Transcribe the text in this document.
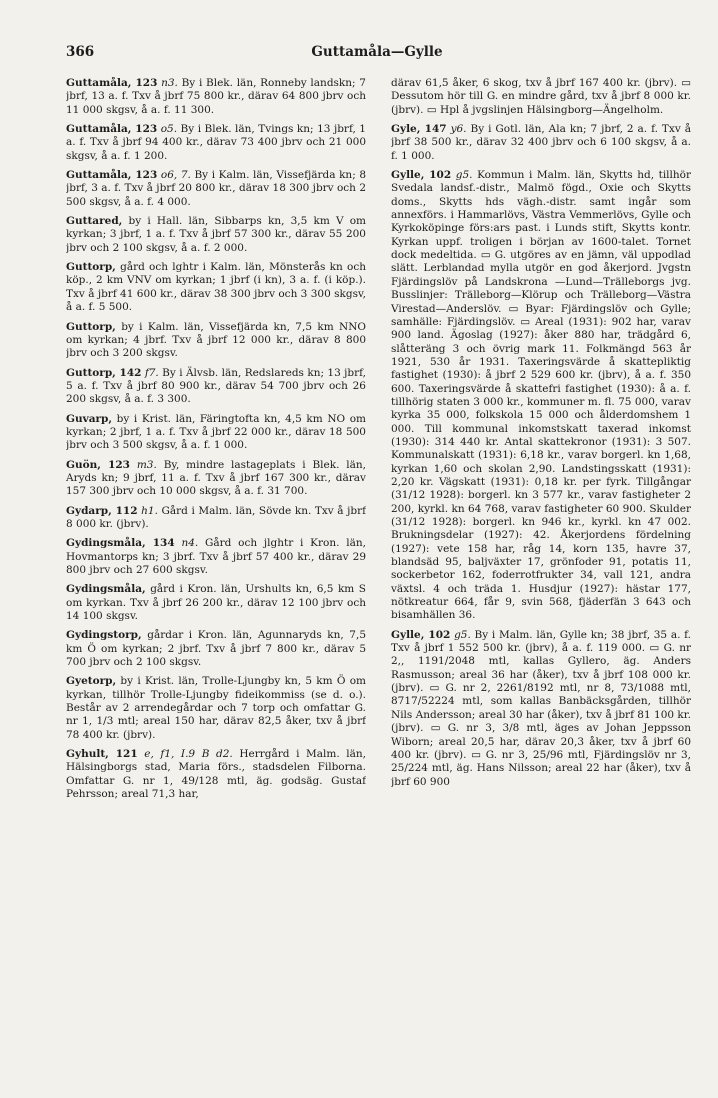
366	Guttamåla—Gylle

Guttamåla, 123 n3. By i Blek. län, Ronneby landskn; 7 jbrf, 13 a. f. Txv å jbrf 75 800 kr., därav 64 800 jbrv och 11 000 skgsv, å a. f. 11 300.

Guttamåla, 123 o5. By i Blek. län, Tvings kn; 13 jbrf, 1 a. f. Txv å jbrf 94 400 kr., därav 73 400 jbrv och 21 000 skgsv, å a. f. 1 200.

Guttamåla, 123 o6, 7. By i Kalm. län, Vissefjärda kn; 8 jbrf, 3 a. f. Txv å jbrf 20 800 kr., därav 18 300 jbrv och 2 500 skgsv, å a. f. 4 000.

Guttared, by i Hall. län, Sibbarps kn, 3,5 km V om kyrkan; 3 jbrf, 1 a. f. Txv å jbrf 57 300 kr., därav 55 200 jbrv och 2 100 skgsv, å a. f. 2 000.

Guttorp, gård och lghtr i Kalm. län, Mönsterås kn och köp., 2 km VNV om kyrkan; 1 jbrf (i kn), 3 a. f. (i köp.). Txv å jbrf 41 600 kr., därav 38 300 jbrv och 3 300 skgsv, å a. f. 5 500.

Guttorp, by i Kalm. län, Vissefjärda kn, 7,5 km NNO om kyrkan; 4 jbrf. Txv å jbrf 12 000 kr., därav 8 800 jbrv och 3 200 skgsv.

Guttorp, 142 f7. By i Älvsb. län, Redslareds kn; 13 jbrf, 5 a. f. Txv å jbrf 80 900 kr., därav 54 700 jbrv och 26 200 skgsv, å a. f. 3 300.

Guvarp, by i Krist. län, Färingtofta kn, 4,5 km NO om kyrkan; 2 jbrf, 1 a. f. Txv å jbrf 22 000 kr., därav 18 500 jbrv och 3 500 skgsv, å a. f. 1 000.

Guön, 123 m3. By, mindre lastageplats i Blek. län, Aryds kn; 9 jbrf, 11 a. f. Txv å jbrf 167 300 kr., därav 157 300 jbrv och 10 000 skgsv, å a. f. 31 700.

Gydarp, 112 h1. Gård i Malm. län, Sövde kn. Txv å jbrf 8 000 kr. (jbrv).

Gydingsmåla, 134 n4. Gård och jlghtr i Kron. län, Hovmantorps kn; 3 jbrf. Txv å jbrf 57 400 kr., därav 29 800 jbrv och 27 600 skgsv.

Gydingsmåla, gård i Kron. län, Urshults kn, 6,5 km S om kyrkan. Txv å jbrf 26 200 kr., därav 12 100 jbrv och 14 100 skgsv.

Gydingstorp, gårdar i Kron. län, Agunnaryds kn, 7,5 km Ö om kyrkan; 2 jbrf. Txv å jbrf 7 800 kr., därav 5 700 jbrv och 2 100 skgsv.

Gyetorp, by i Krist. län, Trolle-Ljungby kn, 5 km Ö om kyrkan, tillhör Trolle-Ljungby fideikommiss (se d. o.). Består av 2 arrendegårdar och 7 torp och omfattar G. nr 1, 1/3 mtl; areal 150 har, därav 82,5 åker, txv å jbrf 78 400 kr. (jbrv).

Gyhult, 121 e, f1, I.9 B d2. Herrgård i Malm. län, Hälsingborgs stad, Maria förs., stadsdelen Filborna. Omfattar G. nr 1, 49/128 mtl, äg. godsäg. Gustaf Pehrsson; areal 71,3 har,

därav 61,5 åker, 6 skog, txv å jbrf 167 400 kr. (jbrv). ▭ Dessutom hör till G. en mindre gård, txv å jbrf 8 000 kr. (jbrv). ▭ Hpl å jvgslinjen Hälsingborg—Ängelholm.

Gyle, 147 y6. By i Gotl. län, Ala kn; 7 jbrf, 2 a. f. Txv å jbrf 38 500 kr., därav 32 400 jbrv och 6 100 skgsv, å a. f. 1 000.

Gylle, 102 g5. Kommun i Malm. län, Skytts hd, tillhör Svedala landsf.-distr., Malmö fögd., Oxie och Skytts doms., Skytts hds vägh.-distr. samt ingår som annexförs. i Hammarlövs, Västra Vemmerlövs, Gylle och Kyrkoköpinge förs:ars past. i Lunds stift, Skytts kontr. Kyrkan uppf. troligen i början av 1600-talet. Tornet dock medeltida. ▭ G. utgöres av en jämn, väl uppodlad slätt. Lerblandad mylla utgör en god åkerjord. Jvgstn Fjärdingslöv på Landskrona —Lund—Trälleborgs jvg. Busslinjer: Trälleborg—Klörup och Trälleborg—Västra Virestad—Anderslöv. ▭ Byar: Fjärdingslöv och Gylle; samhälle: Fjärdingslöv. ▭ Areal (1931): 902 har, varav 900 land. Ägoslag (1927): åker 880 har, trädgård 6, slåtteräng 3 och övrig mark 11. Folkmängd 563 år 1921, 530 år 1931. Taxeringsvärde å skattepliktig fastighet (1930): å jbrf 2 529 600 kr. (jbrv), å a. f. 350 600. Taxeringsvärde å skattefri fastighet (1930): å a. f. tillhörig staten 3 000 kr., kommuner m. fl. 75 000, varav kyrka 35 000, folkskola 15 000 och ålderdomshem 1 000. Till kommunal inkomstskatt taxerad inkomst (1930): 314 440 kr. Antal skattekronor (1931): 3 507. Kommunalskatt (1931): 6,18 kr., varav borgerl. kn 1,68, kyrkan 1,60 och skolan 2,90. Landstingsskatt (1931): 2,20 kr. Vägskatt (1931): 0,18 kr. per fyrk. Tillgångar (31/12 1928): borgerl. kn 3 577 kr., varav fastigheter 2 200, kyrkl. kn 64 768, varav fastigheter 60 900. Skulder (31/12 1928): borgerl. kn 946 kr., kyrkl. kn 47 002. Brukningsdelar (1927): 42. Åkerjordens fördelning (1927): vete 158 har, råg 14, korn 135, havre 37, blandsäd 95, baljväxter 17, grönfoder 91, potatis 11, sockerbetor 162, foderrotfrukter 34, vall 121, andra växtsl. 4 och träda 1. Husdjur (1927): hästar 177, nötkreatur 664, får 9, svin 568, fjäderfän 3 643 och bisamhällen 36.

Gylle, 102 g5. By i Malm. län, Gylle kn; 38 jbrf, 35 a. f. Txv å jbrf 1 552 500 kr. (jbrv), å a. f. 119 000. ▭ G. nr 2,, 1191/2048 mtl, kallas Gyllero, äg. Anders Rasmusson; areal 36 har (åker), txv å jbrf 108 000 kr. (jbrv). ▭ G. nr 2, 2261/8192 mtl, nr 8, 73/1088 mtl, 8717/52224 mtl, som kallas Banbäcksgården, tillhör Nils Andersson; areal 30 har (åker), txv å jbrf 81 100 kr. (jbrv). ▭ G. nr 3, 3/8 mtl, äges av Johan Jeppsson Wiborn; areal 20,5 har, därav 20,3 åker, txv å jbrf 60 400 kr. (jbrv). ▭ G. nr 3, 25/96 mtl, Fjärdingslöv nr 3, 25/224 mtl, äg. Hans Nilsson; areal 22 har (åker), txv å jbrf 60 900
